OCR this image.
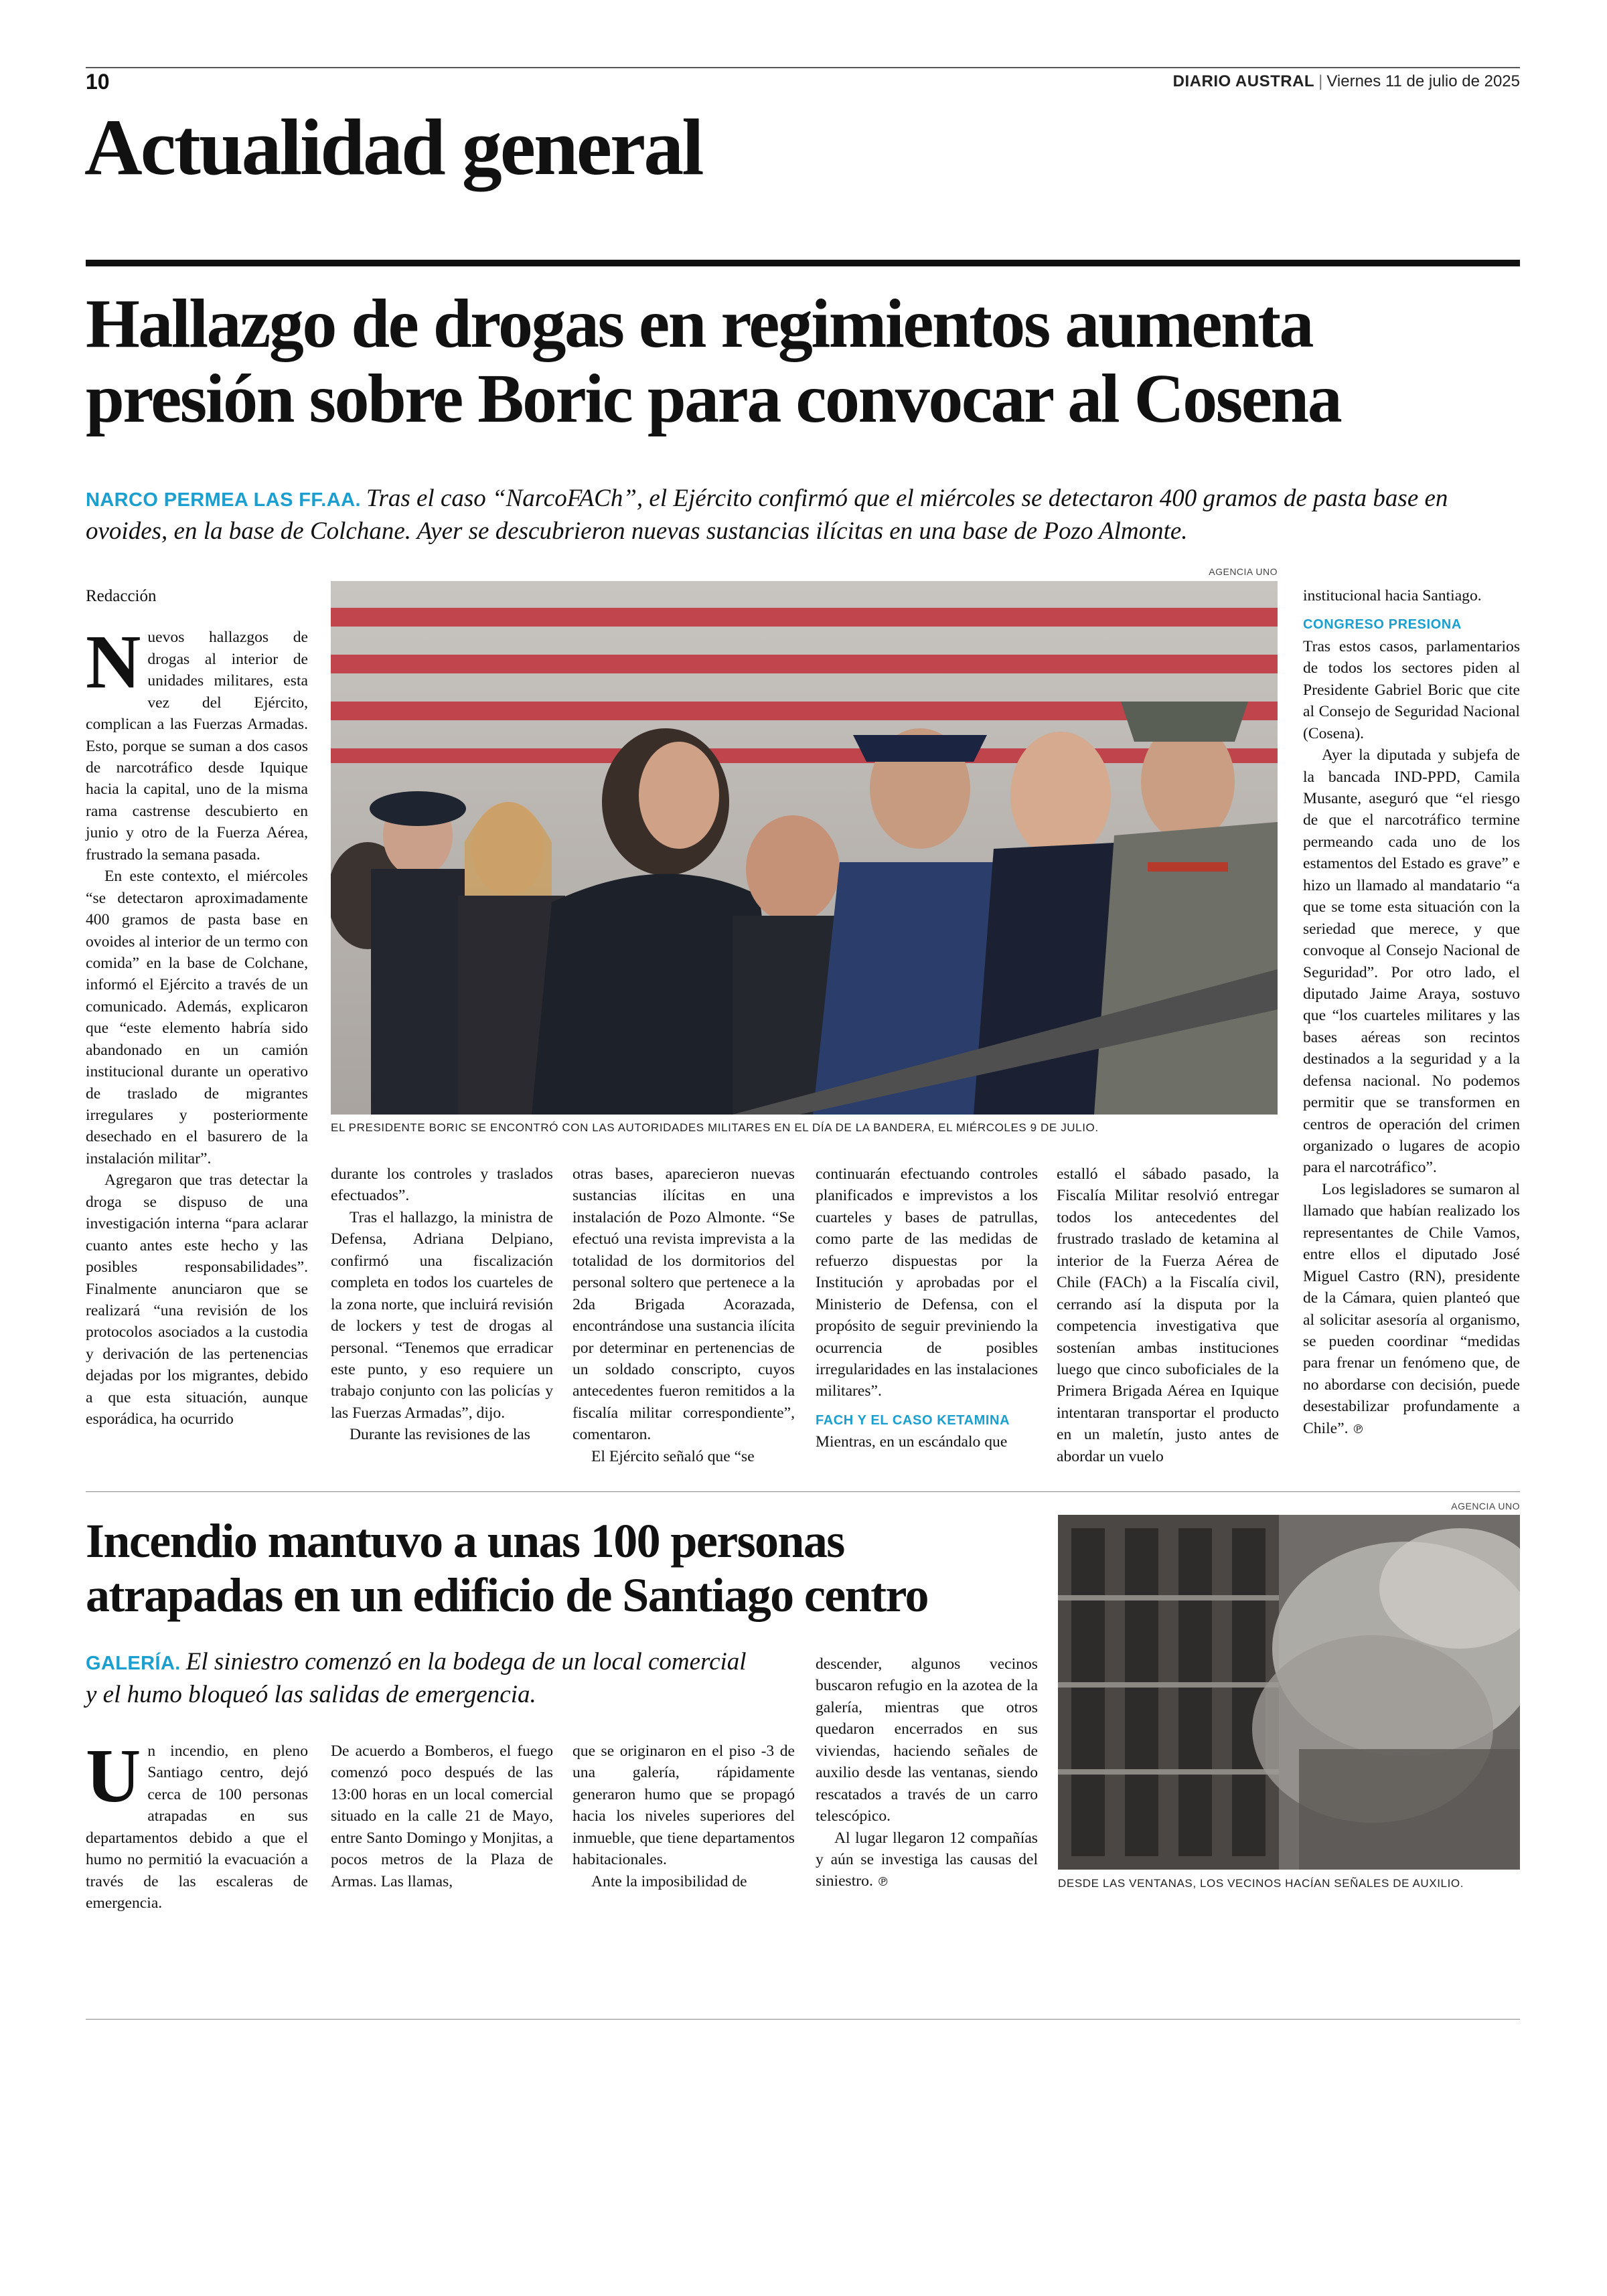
10	DIARIO AUSTRAL | Viernes 11 de julio de 2025
Actualidad general
Hallazgo de drogas en regimientos aumenta presión sobre Boric para convocar al Cosena
NARCO PERMEA LAS FF.AA. Tras el caso “NarcoFACh”, el Ejército confirmó que el miércoles se detectaron 400 gramos de pasta base en ovoides, en la base de Colchane. Ayer se descubrieron nuevas sustancias ilícitas en una base de Pozo Almonte.
AGENCIA UNO
EL PRESIDENTE BORIC SE ENCONTRÓ CON LAS AUTORIDADES MILITARES EN EL DÍA DE LA BANDERA, EL MIÉRCOLES 9 DE JULIO.
Redacción

Nuevos hallazgos de drogas al interior de unidades militares, esta vez del Ejército, complican a las Fuerzas Armadas. Esto, porque se suman a dos casos de narcotráfico desde Iquique hacia la capital, uno de la misma rama castrense descubierto en junio y otro de la Fuerza Aérea, frustrado la semana pasada.

En este contexto, el miércoles “se detectaron aproximadamente 400 gramos de pasta base en ovoides al interior de un termo con comida” en la base de Colchane, informó el Ejército a través de un comunicado. Además, explicaron que “este elemento habría sido abandonado en un camión institucional durante un operativo de traslado de migrantes irregulares y posteriormente desechado en el basurero de la instalación militar”.

Agregaron que tras detectar la droga se dispuso de una investigación interna “para aclarar cuanto antes este hecho y las posibles responsabilidades”. Finalmente anunciaron que se realizará “una revisión de los protocolos asociados a la custodia y derivación de las pertenencias dejadas por los migrantes, debido a que esta situación, aunque esporádica, ha ocurrido

durante los controles y traslados efectuados”.

Tras el hallazgo, la ministra de Defensa, Adriana Delpiano, confirmó una fiscalización completa en todos los cuarteles de la zona norte, que incluirá revisión de lockers y test de drogas al personal. “Tenemos que erradicar este punto, y eso requiere un trabajo conjunto con las policías y las Fuerzas Armadas”, dijo.

Durante las revisiones de las

otras bases, aparecieron nuevas sustancias ilícitas en una instalación de Pozo Almonte. “Se efectuó una revista imprevista a la totalidad de los dormitorios del personal soltero que pertenece a la 2da Brigada Acorazada, encontrándose una sustancia ilícita por determinar en pertenencias de un soldado conscripto, cuyos antecedentes fueron remitidos a la fiscalía militar correspondiente”, comentaron.

El Ejército señaló que “se

continuarán efectuando controles planificados e imprevistos a los cuarteles y bases de patrullas, como parte de las medidas de refuerzo dispuestas por la Institución y aprobadas por el Ministerio de Defensa, con el propósito de seguir previniendo la ocurrencia de posibles irregularidades en las instalaciones militares”.

FACH Y EL CASO KETAMINA

Mientras, en un escándalo que

estalló el sábado pasado, la Fiscalía Militar resolvió entregar todos los antecedentes del frustrado traslado de ketamina al interior de la Fuerza Aérea de Chile (FACh) a la Fiscalía civil, cerrando así la disputa por la competencia investigativa que sostenían ambas instituciones luego que cinco suboficiales de la Primera Brigada Aérea en Iquique intentaran transportar el producto en un maletín, justo antes de abordar un vuelo

institucional hacia Santiago.

CONGRESO PRESIONA

Tras estos casos, parlamentarios de todos los sectores piden al Presidente Gabriel Boric que cite al Consejo de Seguridad Nacional (Cosena).

Ayer la diputada y subjefa de la bancada IND-PPD, Camila Musante, aseguró que “el riesgo de que el narcotráfico termine permeando cada uno de los estamentos del Estado es grave” e hizo un llamado al mandatario “a que se tome esta situación con la seriedad que merece, y que convoque al Consejo Nacional de Seguridad”. Por otro lado, el diputado Jaime Araya, sostuvo que “los cuarteles militares y las bases aéreas son recintos destinados a la seguridad y a la defensa nacional. No podemos permitir que se transformen en centros de operación del crimen organizado o lugares de acopio para el narcotráfico”.

Los legisladores se sumaron al llamado que habían realizado los representantes de Chile Vamos, entre ellos el diputado José Miguel Castro (RN), presidente de la Cámara, quien planteó que al solicitar asesoría al organismo, se pueden coordinar “medidas para frenar un fenómeno que, de no abordarse con decisión, puede desestabilizar profundamente a Chile”. ℗

Incendio mantuvo a unas 100 personas atrapadas en un edificio de Santiago centro
GALERÍA. El siniestro comenzó en la bodega de un local comercial y el humo bloqueó las salidas de emergencia.

Un incendio, en pleno Santiago centro, dejó cerca de 100 personas atrapadas en sus departamentos debido a que el humo no permitió la evacuación a través de las escaleras de emergencia.

De acuerdo a Bomberos, el fuego comenzó poco después de las 13:00 horas en un local comercial situado en la calle 21 de Mayo, entre Santo Domingo y Monjitas, a pocos metros de la Plaza de Armas. Las llamas,

que se originaron en el piso -3 de una galería, rápidamente generaron humo que se propagó hacia los niveles superiores del inmueble, que tiene departamentos habitacionales.

Ante la imposibilidad de

descender, algunos vecinos buscaron refugio en la azotea de la galería, mientras que otros quedaron encerrados en sus viviendas, haciendo señales de auxilio desde las ventanas, siendo rescatados a través de un carro telescópico.

Al lugar llegaron 12 compañías y aún se investiga las causas del siniestro. ℗

AGENCIA UNO
DESDE LAS VENTANAS, LOS VECINOS HACÍAN SEÑALES DE AUXILIO.
